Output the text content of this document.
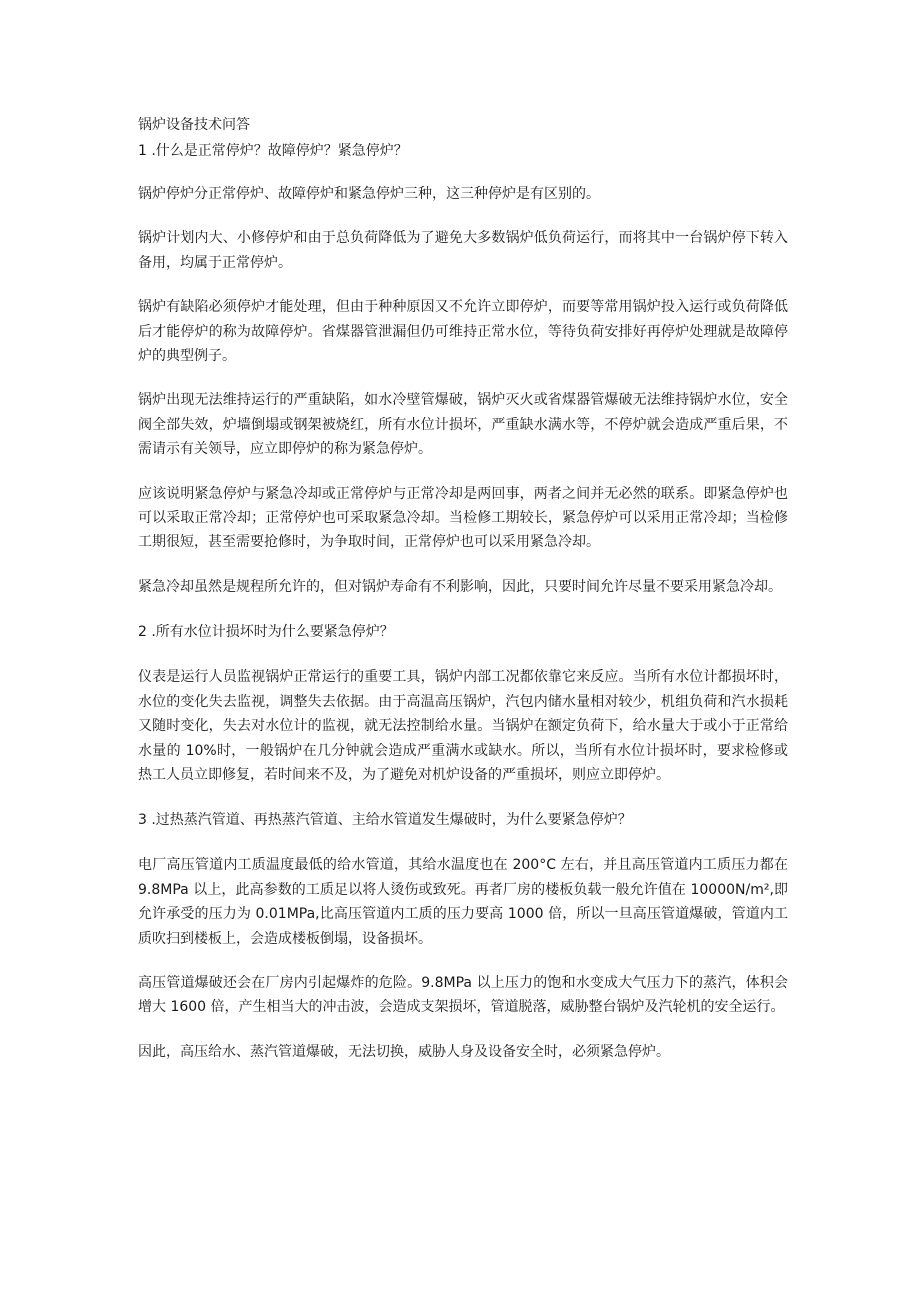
锅炉设备技术问答

1 .什么是正常停炉？故障停炉？紧急停炉？

锅炉停炉分正常停炉、故障停炉和紧急停炉三种，这三种停炉是有区别的。

锅炉计划内大、小修停炉和由于总负荷降低为了避免大多数锅炉低负荷运行，而将其中一台锅炉停下转入备用，均属于正常停炉。

锅炉有缺陷必须停炉才能处理，但由于种种原因又不允许立即停炉，而要等常用锅炉投入运行或负荷降低后才能停炉的称为故障停炉。省煤器管泄漏但仍可维持正常水位，等待负荷安排好再停炉处理就是故障停炉的典型例子。

锅炉出现无法维持运行的严重缺陷，如水冷壁管爆破，锅炉灭火或省煤器管爆破无法维持锅炉水位，安全阀全部失效，炉墙倒塌或钢架被烧红，所有水位计损坏，严重缺水满水等，不停炉就会造成严重后果，不需请示有关领导，应立即停炉的称为紧急停炉。

应该说明紧急停炉与紧急冷却或正常停炉与正常冷却是两回事，两者之间并无必然的联系。即紧急停炉也可以采取正常冷却；正常停炉也可采取紧急冷却。当检修工期较长，紧急停炉可以采用正常冷却；当检修工期很短，甚至需要抢修时，为争取时间，正常停炉也可以采用紧急冷却。

紧急冷却虽然是规程所允许的，但对锅炉寿命有不利影响，因此，只要时间允许尽量不要采用紧急冷却。

2 .所有水位计损坏时为什么要紧急停炉？

仪表是运行人员监视锅炉正常运行的重要工具，锅炉内部工况都依靠它来反应。当所有水位计都损坏时，水位的变化失去监视，调整失去依据。由于高温高压锅炉，汽包内储水量相对较少，机组负荷和汽水损耗又随时变化，失去对水位计的监视，就无法控制给水量。当锅炉在额定负荷下，给水量大于或小于正常给水量的 10%时，一般锅炉在几分钟就会造成严重满水或缺水。所以，当所有水位计损坏时，要求检修或热工人员立即修复，若时间来不及，为了避免对机炉设备的严重损坏，则应立即停炉。

3 .过热蒸汽管道、再热蒸汽管道、主给水管道发生爆破时，为什么要紧急停炉？

电厂高压管道内工质温度最低的给水管道，其给水温度也在 200°C 左右，并且高压管道内工质压力都在 9.8MPa 以上，此高参数的工质足以将人烫伤或致死。再者厂房的楼板负载一般允许值在 10000N/m²,即允许承受的压力为 0.01MPa,比高压管道内工质的压力要高 1000 倍，所以一旦高压管道爆破，管道内工质吹扫到楼板上，会造成楼板倒塌，设备损坏。

高压管道爆破还会在厂房内引起爆炸的危险。9.8MPa 以上压力的饱和水变成大气压力下的蒸汽，体积会增大 1600 倍，产生相当大的冲击波，会造成支架损坏，管道脱落，威胁整台锅炉及汽轮机的安全运行。

因此，高压给水、蒸汽管道爆破，无法切换，威胁人身及设备安全时，必须紧急停炉。
